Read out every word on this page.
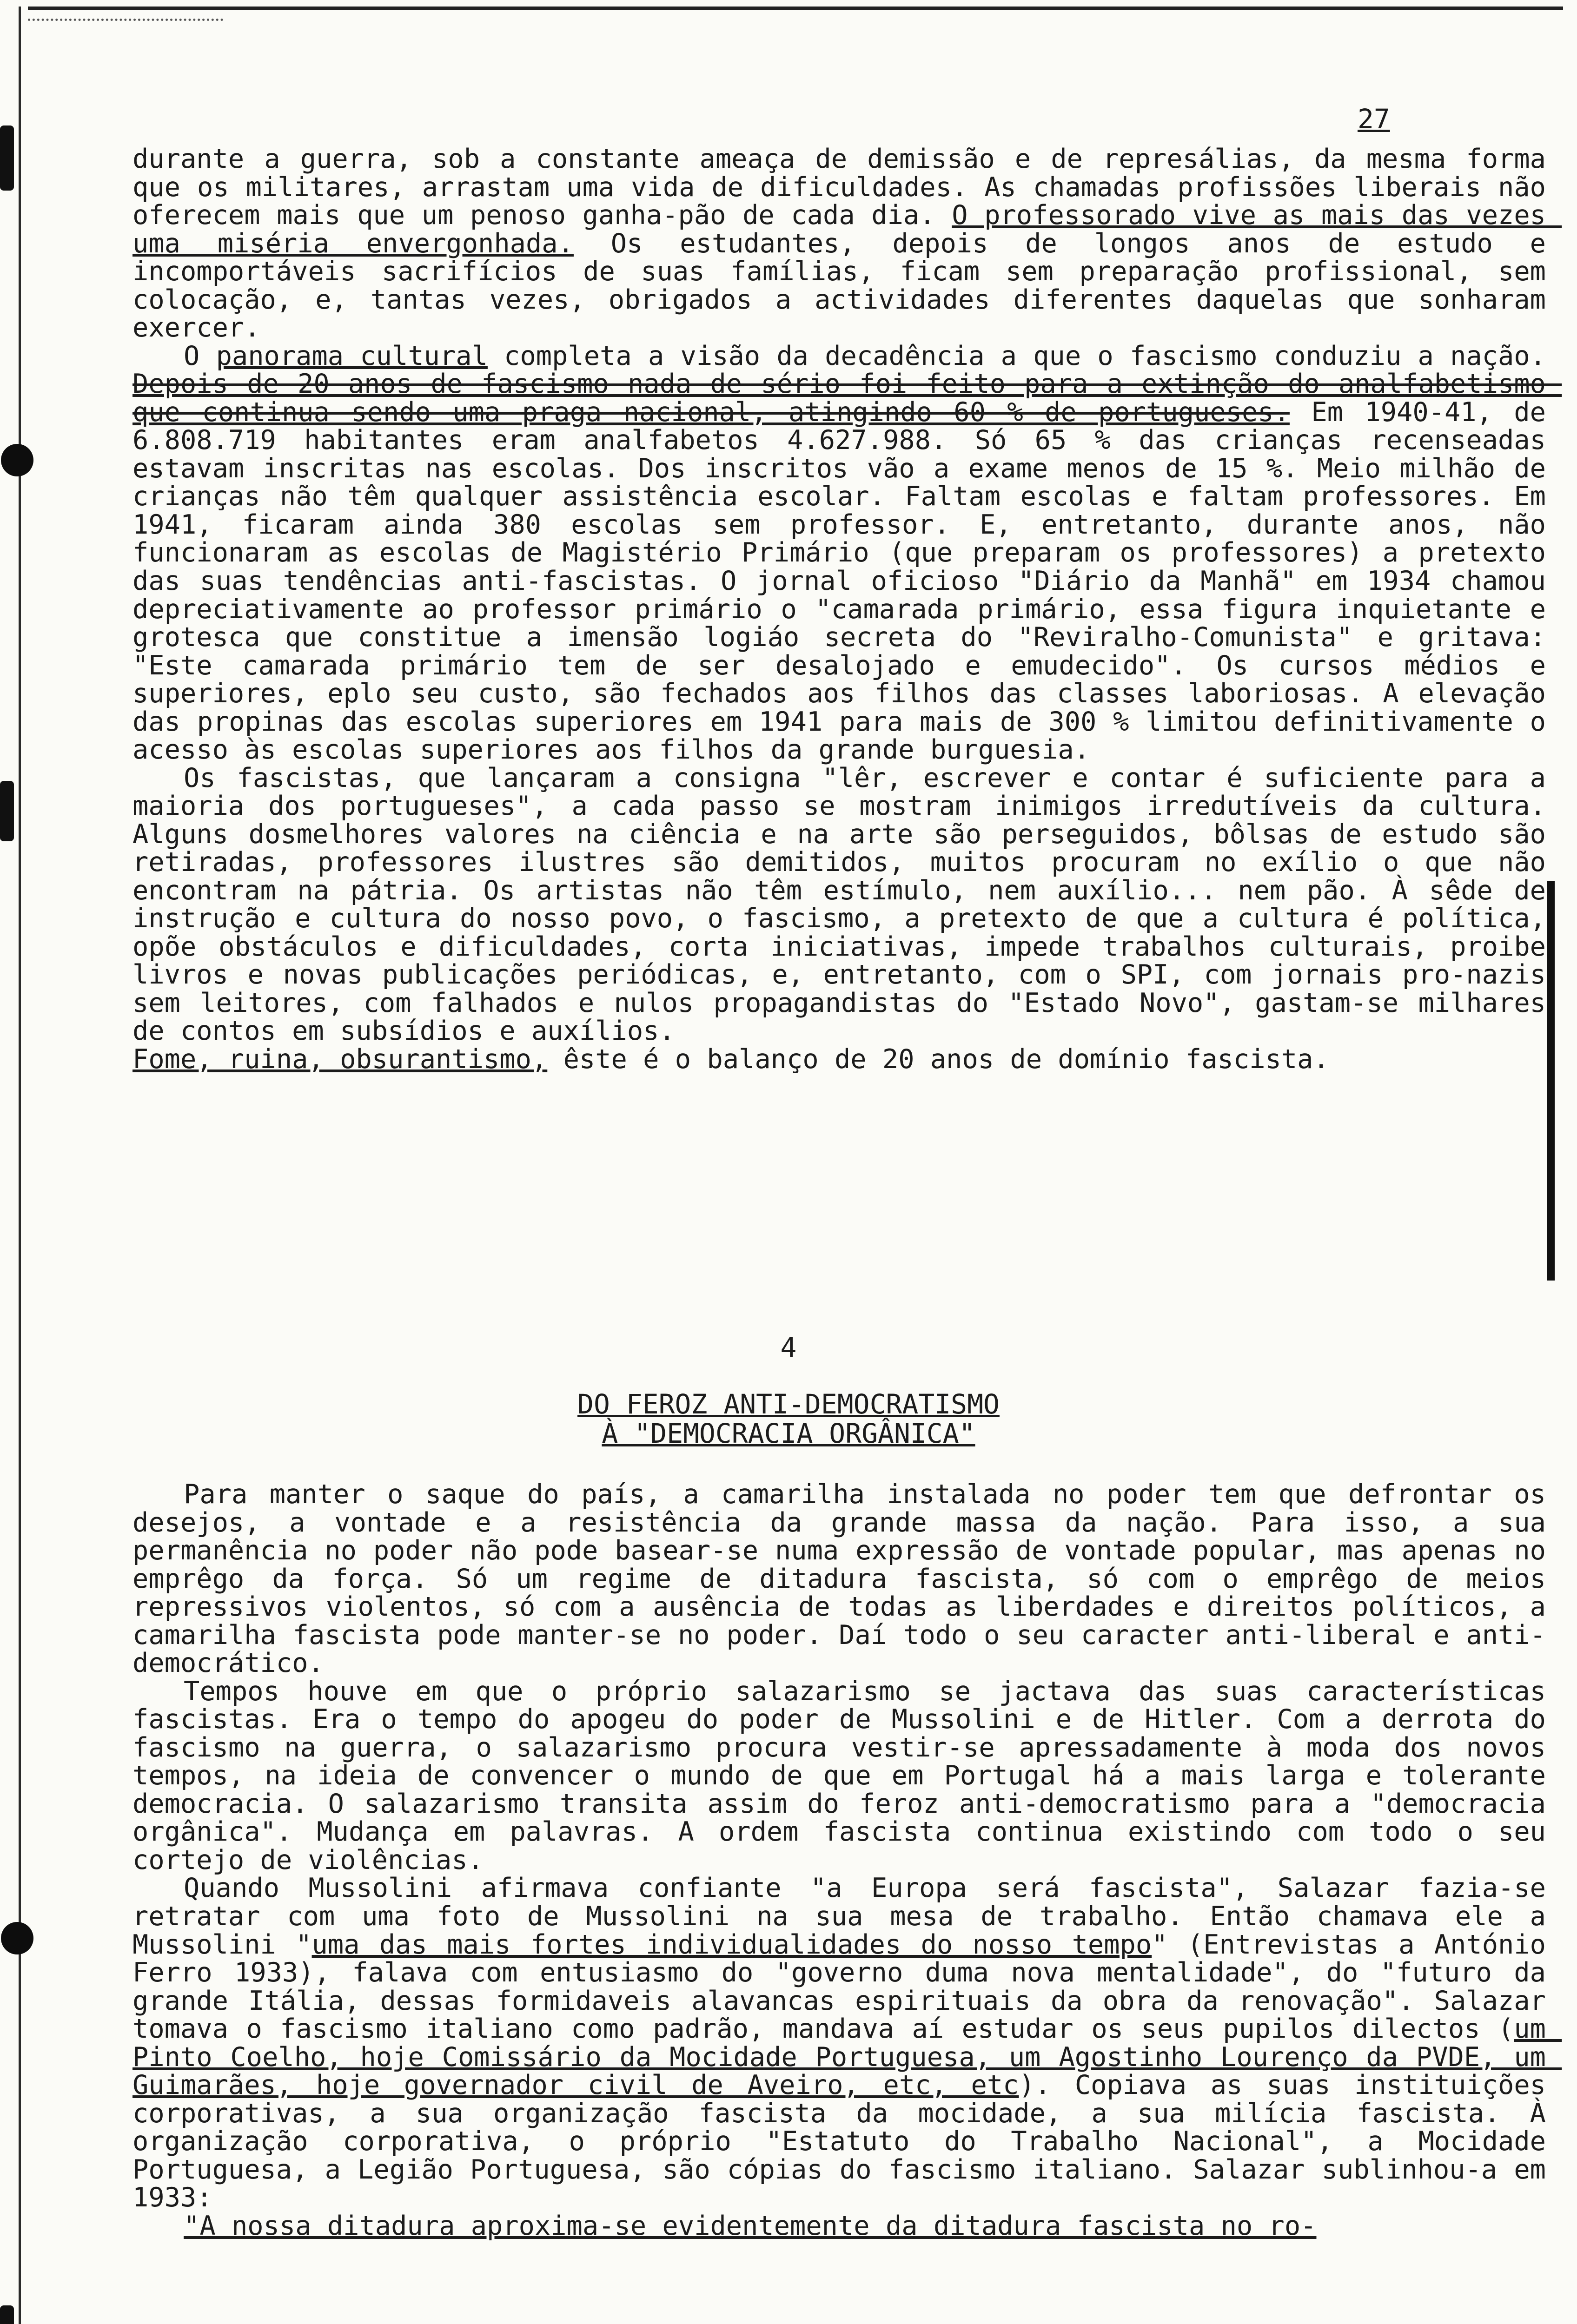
27

durante a guerra, sob a constante ameaça de demissão e de represálias, da mesma forma que os militares, arrastam uma vida de dificuldades. As chamadas profissões liberais não oferecem mais que um penoso ganha-pão de cada dia. O professorado vive as mais das vezes uma miséria envergonhada. Os estudantes, depois de longos anos de estudo e incomportáveis sacrifícios de suas famílias, ficam sem preparação profissional, sem colocação, e, tantas vezes, obrigados a actividades diferentes daquelas que sonharam exercer.

O panorama cultural completa a visão da decadência a que o fascismo conduziu a nação. Depois de 20 anos de fascismo nada de sério foi feito para a extinção do analfabetismo que continua sendo uma praga nacional, atingindo 60 % de portugueses. Em 1940-41, de 6.808.719 habitantes eram analfabetos 4.627.988. Só 65 % das crianças recenseadas estavam inscritas nas escolas. Dos inscritos vão a exame menos de 15 %. Meio milhão de crianças não têm qualquer assistência escolar. Faltam escolas e faltam professores. Em 1941, ficaram ainda 380 escolas sem professor. E, entretanto, durante anos, não funcionaram as escolas de Magistério Primário (que preparam os professores) a pretexto das suas tendências anti-fascistas. O jornal oficioso "Diário da Manhã" em 1934 chamou depreciativamente ao professor primário o "camarada primário, essa figura inquietante e grotesca que constitue a imensão logiáo secreta do "Reviralho-Comunista" e gritava: "Este camarada primário tem de ser desalojado e emudecido". Os cursos médios e superiores, eplo seu custo, são fechados aos filhos das classes laboriosas. A elevação das propinas das escolas superiores em 1941 para mais de 300 % limitou definitivamente o acesso às escolas superiores aos filhos da grande burguesia.

Os fascistas, que lançaram a consigna "lêr, escrever e contar é suficiente para a maioria dos portugueses", a cada passo se mostram inimigos irredutíveis da cultura. Alguns dosmelhores valores na ciência e na arte são perseguidos, bôlsas de estudo são retiradas, professores ilustres são demitidos, muitos procuram no exílio o que não encontram na pátria. Os artistas não têm estímulo, nem auxílio... nem pão. À sêde de instrução e cultura do nosso povo, o fascismo, a pretexto de que a cultura é política, opõe obstáculos e dificuldades, corta iniciativas, impede trabalhos culturais, proibe livros e novas publicações periódicas, e, entretanto, com o SPI, com jornais pro-nazis sem leitores, com falhados e nulos propagandistas do "Estado Novo", gastam-se milhares de contos em subsídios e auxílios.

Fome, ruina, obsurantismo, êste é o balanço de 20 anos de domínio fascista.

4
DO FEROZ ANTI-DEMOCRATISMO
À "DEMOCRACIA ORGÂNICA"

Para manter o saque do país, a camarilha instalada no poder tem que defrontar os desejos, a vontade e a resistência da grande massa da nação. Para isso, a sua permanência no poder não pode basear-se numa expressão de vontade popular, mas apenas no emprêgo da força. Só um regime de ditadura fascista, só com o emprêgo de meios repressivos violentos, só com a ausência de todas as liberdades e direitos políticos, a camarilha fascista pode manter-se no poder. Daí todo o seu caracter anti-liberal e anti-democrático.

Tempos houve em que o próprio salazarismo se jactava das suas características fascistas. Era o tempo do apogeu do poder de Mussolini e de Hitler. Com a derrota do fascismo na guerra, o salazarismo procura vestir-se apressadamente à moda dos novos tempos, na ideia de convencer o mundo de que em Portugal há a mais larga e tolerante democracia. O salazarismo transita assim do feroz anti-democratismo para a "democracia orgânica". Mudança em palavras. A ordem fascista continua existindo com todo o seu cortejo de violências.

Quando Mussolini afirmava confiante "a Europa será fascista", Salazar fazia-se retratar com uma foto de Mussolini na sua mesa de trabalho. Então chamava ele a Mussolini "uma das mais fortes individualidades do nosso tempo" (Entrevistas a António Ferro 1933), falava com entusiasmo do "governo duma nova mentalidade", do "futuro da grande Itália, dessas formidaveis alavancas espirituais da obra da renovação". Salazar tomava o fascismo italiano como padrão, mandava aí estudar os seus pupilos dilectos (um Pinto Coelho, hoje Comissário da Mocidade Portuguesa, um Agostinho Lourenço da PVDE, um Guimarães, hoje governador civil de Aveiro, etc, etc). Copiava as suas instituições corporativas, a sua organização fascista da mocidade, a sua milícia fascista. À organização corporativa, o próprio "Estatuto do Trabalho Nacional", a Mocidade Portuguesa, a Legião Portuguesa, são cópias do fascismo italiano. Salazar sublinhou-a em 1933:

"A nossa ditadura aproxima-se evidentemente da ditadura fascista no ro-
